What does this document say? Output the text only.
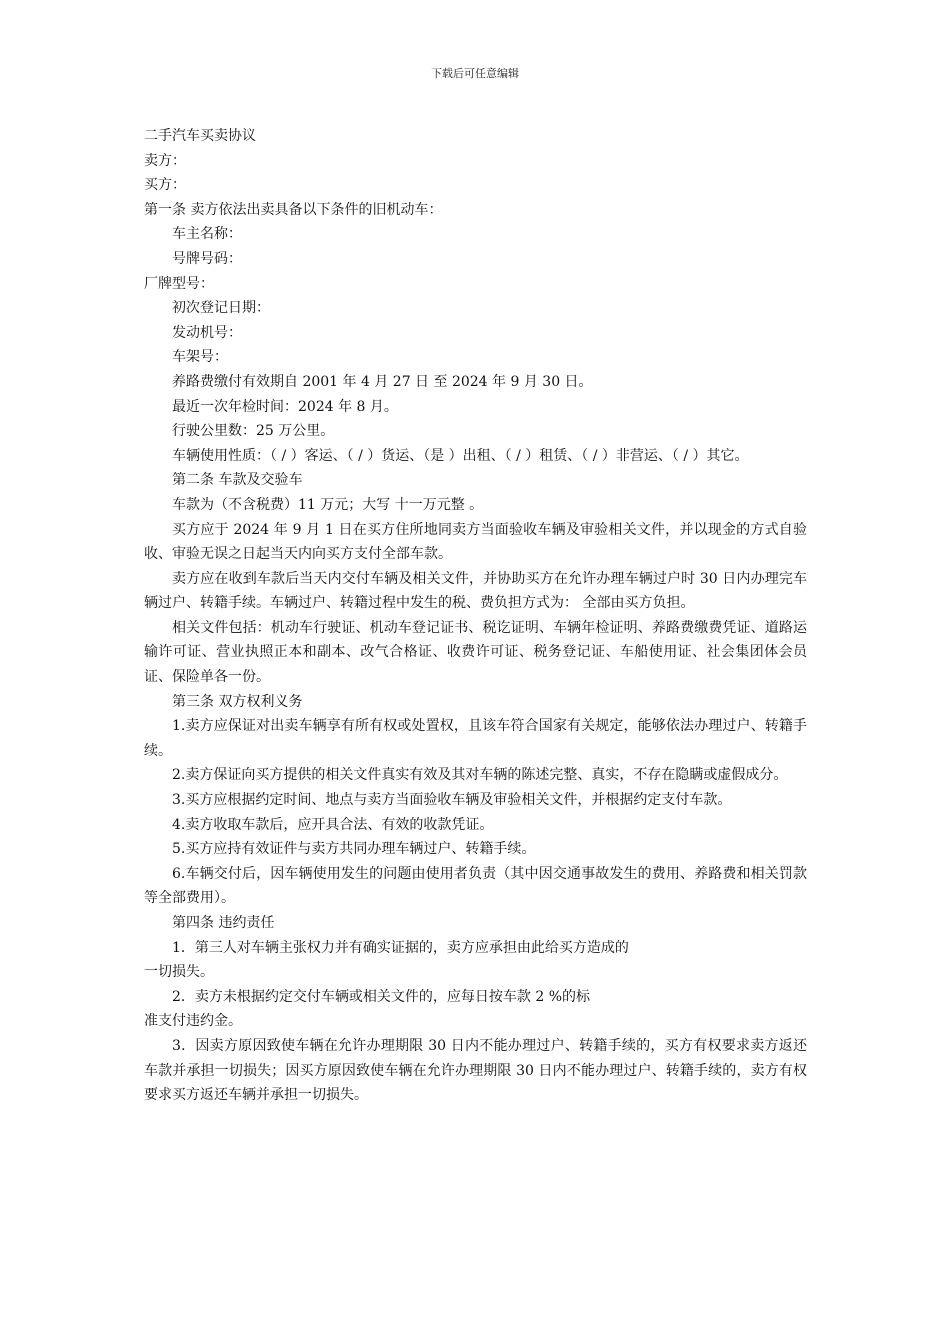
下载后可任意编辑

二手汽车买卖协议

卖方：

买方：

第一条 卖方依法出卖具备以下条件的旧机动车：

车主名称：

号牌号码：

厂牌型号：

初次登记日期：

发动机号：

车架号：

养路费缴付有效期自 2001 年 4 月 27 日 至 2024 年 9 月 30 日。

最近一次年检时间：2024 年 8 月。

行驶公里数：25 万公里。

车辆使用性质：（ / ）客运、（ / ）货运、（是 ）出租、（ / ）租赁、（ / ）非营运、（ / ）其它。

第二条 车款及交验车

车款为（不含税费）11 万元；大写 十一万元整 。

买方应于 2024 年 9 月 1 日在买方住所地同卖方当面验收车辆及审验相关文件，并以现金的方式自验收、审验无误之日起当天内向买方支付全部车款。

卖方应在收到车款后当天内交付车辆及相关文件，并协助买方在允许办理车辆过户时 30 日内办理完车辆过户、转籍手续。车辆过户、转籍过程中发生的税、费负担方式为： 全部由买方负担。

相关文件包括：机动车行驶证、机动车登记证书、税讫证明、车辆年检证明、养路费缴费凭证、道路运输许可证、营业执照正本和副本、改气合格证、收费许可证、税务登记证、车船使用证、社会集团体会员证、保险单各一份。

第三条 双方权利义务

1.卖方应保证对出卖车辆享有所有权或处置权，且该车符合国家有关规定，能够依法办理过户、转籍手续。

2.卖方保证向买方提供的相关文件真实有效及其对车辆的陈述完整、真实，不存在隐瞒或虚假成分。

3.买方应根据约定时间、地点与卖方当面验收车辆及审验相关文件，并根据约定支付车款。

4.卖方收取车款后，应开具合法、有效的收款凭证。

5.买方应持有效证件与卖方共同办理车辆过户、转籍手续。

6.车辆交付后，因车辆使用发生的问题由使用者负责（其中因交通事故发生的费用、养路费和相关罚款等全部费用）。

第四条 违约责任

1．第三人对车辆主张权力并有确实证据的，卖方应承担由此给买方造成的

一切损失。

2．卖方未根据约定交付车辆或相关文件的，应每日按车款 2 %的标

准支付违约金。

3．因卖方原因致使车辆在允许办理期限 30 日内不能办理过户、转籍手续的，买方有权要求卖方返还车款并承担一切损失；因买方原因致使车辆在允许办理期限 30 日内不能办理过户、转籍手续的，卖方有权要求买方返还车辆并承担一切损失。
